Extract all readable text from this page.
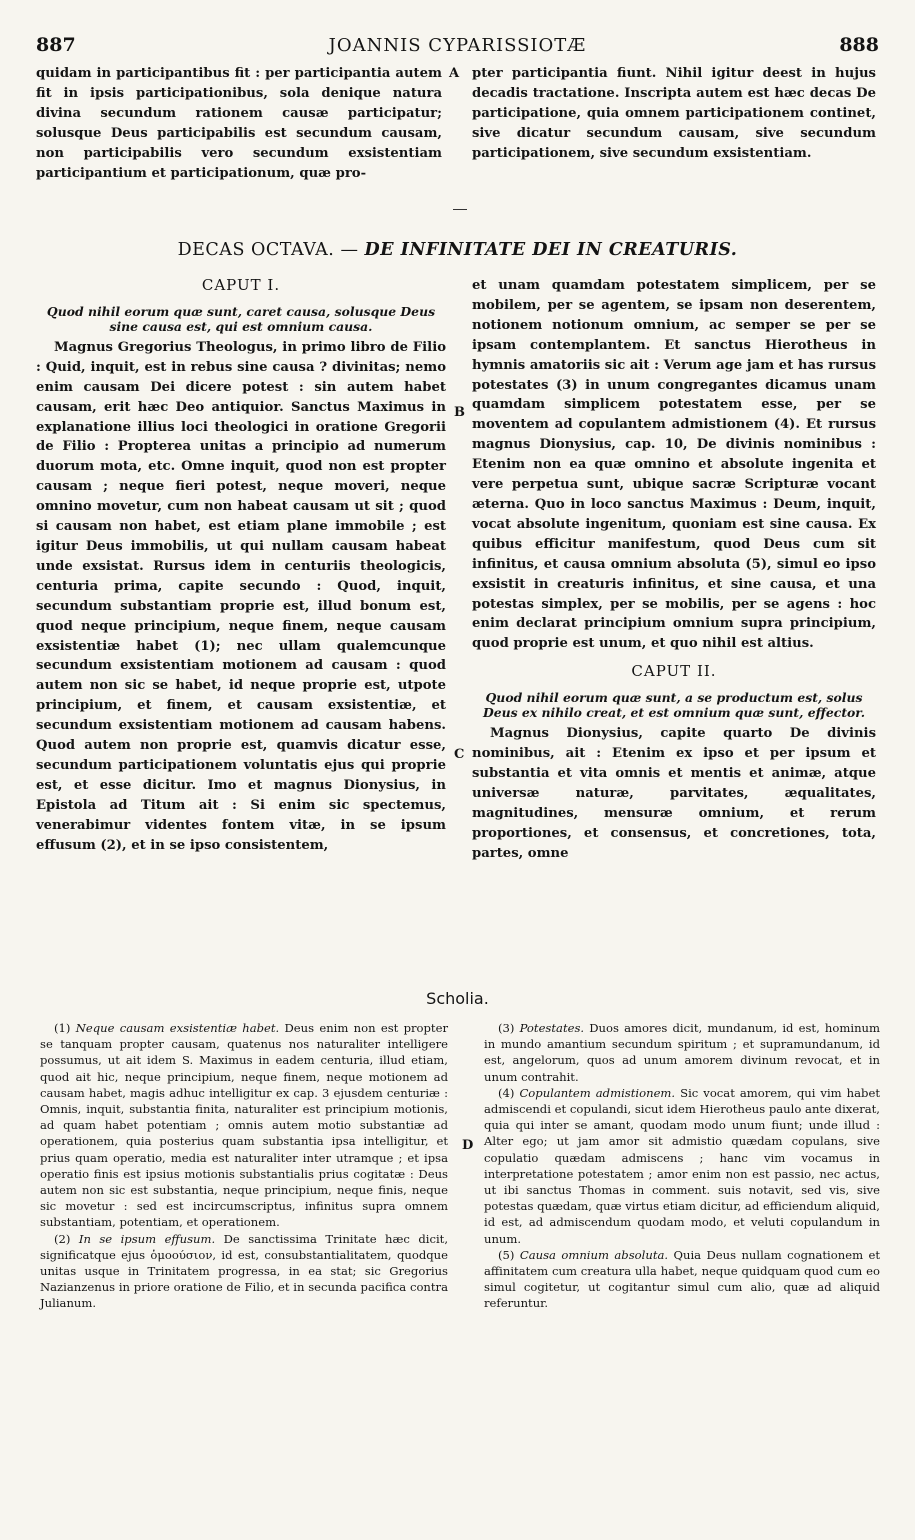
887	JOANNIS CYPARISSIOTÆ	888

quidam in participantibus fit : per participantia autem fit in ipsis participationibus, sola denique natura divina secundum rationem causæ participatur; solusque Deus participabilis est secundum causam, non participabilis vero secundum exsistentiam participantium et participationum, quæ pro-

pter participantia fiunt. Nihil igitur deest in hujus decadis tractatione. Inscripta autem est hæc decas De participatione, quia omnem participationem continet, sive dicatur secundum causam, sive secundum participationem, sive secundum exsistentiam.

A
DECAS OCTAVA. — DE INFINITATE DEI IN CREATURIS.
CAPUT I.
Quod nihil eorum quæ sunt, caret causa, solusque Deus sine causa est, qui est omnium causa.

Magnus Gregorius Theologus, in primo libro de Filio : Quid, inquit, est in rebus sine causa ? divinitas; nemo enim causam Dei dicere potest : sin autem habet causam, erit hæc Deo antiquior. Sanctus Maximus in explanatione illius loci theologici in oratione Gregorii de Filio : Propterea unitas a principio ad numerum duorum mota, etc. Omne inquit, quod non est propter causam ; neque fieri potest, neque moveri, neque omnino movetur, cum non habeat causam ut sit ; quod si causam non habet, est etiam plane immobile ; est igitur Deus immobilis, ut qui nullam causam habeat unde exsistat. Rursus idem in centuriis theologicis, centuria prima, capite secundo : Quod, inquit, secundum substantiam proprie est, illud bonum est, quod neque principium, neque finem, neque causam exsistentiæ habet (1); nec ullam qualemcunque secundum exsistentiam motionem ad causam : quod autem non sic se habet, id neque proprie est, utpote principium, et finem, et causam exsistentiæ, et secundum exsistentiam motionem ad causam habens. Quod autem non proprie est, quamvis dicatur esse, secundum participationem voluntatis ejus qui proprie est, et esse dicitur. Imo et magnus Dionysius, in Epistola ad Titum ait : Si enim sic spectemus, venerabimur videntes fontem vitæ, in se ipsum effusum (2), et in se ipso consistentem,

B
C

et unam quamdam potestatem simplicem, per se mobilem, per se agentem, se ipsam non deserentem, notionem notionum omnium, ac semper se per se ipsam contemplantem. Et sanctus Hierotheus in hymnis amatoriis sic ait : Verum age jam et has rursus potestates (3) in unum congregantes dicamus unam quamdam simplicem potestatem esse, per se moventem ad copulantem admistionem (4). Et rursus magnus Dionysius, cap. 10, De divinis nominibus : Etenim non ea quæ omnino et absolute ingenita et vere perpetua sunt, ubique sacræ Scripturæ vocant æterna. Quo in loco sanctus Maximus : Deum, inquit, vocat absolute ingenitum, quoniam est sine causa. Ex quibus efficitur manifestum, quod Deus cum sit infinitus, et causa omnium absoluta (5), simul eo ipso exsistit in creaturis infinitus, et sine causa, et una potestas simplex, per se mobilis, per se agens : hoc enim declarat principium omnium supra principium, quod proprie est unum, et quo nihil est altius.

CAPUT II.
Quod nihil eorum quæ sunt, a se productum est, solus Deus ex nihilo creat, et est omnium quæ sunt, effector.

Magnus Dionysius, capite quarto De divinis nominibus, ait : Etenim ex ipso et per ipsum et substantia et vita omnis et mentis et animæ, atque universæ naturæ, parvitates, æqualitates, magnitudines, mensuræ omnium, et rerum proportiones, et consensus, et concretiones, tota, partes, omne

Scholia.

(1) Neque causam exsistentiæ habet. Deus enim non est propter se tanquam propter causam, quatenus nos naturaliter intelligere possumus, ut ait idem S. Maximus in eadem centuria, illud etiam, quod ait hic, neque principium, neque finem, neque motionem ad causam habet, magis adhuc intelligitur ex cap. 3 ejusdem centuriæ : Omnis, inquit, substantia finita, naturaliter est principium motionis, ad quam habet potentiam ; omnis autem motio substantiæ ad operationem, quia posterius quam substantia ipsa intelligitur, et prius quam operatio, media est naturaliter inter utramque ; et ipsa operatio finis est ipsius motionis substantialis prius cogitatæ : Deus autem non sic est substantia, neque principium, neque finis, neque sic movetur : sed est incircumscriptus, infinitus supra omnem substantiam, potentiam, et operationem.

(2) In se ipsum effusum. De sanctissima Trinitate hæc dicit, significatque ejus ὁμοούσιον, id est, consubstantialitatem, quodque unitas usque in Trinitatem progressa, in ea stat; sic Gregorius Nazianzenus in priore oratione de Filio, et in secunda pacifica contra Julianum.

D

(3) Potestates. Duos amores dicit, mundanum, id est, hominum in mundo amantium secundum spiritum ; et supramundanum, id est, angelorum, quos ad unum amorem divinum revocat, et in unum contrahit.

(4) Copulantem admistionem. Sic vocat amorem, qui vim habet admiscendi et copulandi, sicut idem Hierotheus paulo ante dixerat, quia qui inter se amant, quodam modo unum fiunt; unde illud : Alter ego; ut jam amor sit admistio quædam copulans, sive copulatio quædam admiscens ; hanc vim vocamus in interpretatione potestatem ; amor enim non est passio, nec actus, ut ibi sanctus Thomas in comment. suis notavit, sed vis, sive potestas quædam, quæ virtus etiam dicitur, ad efficiendum aliquid, id est, ad admiscendum quodam modo, et veluti copulandum in unum.

(5) Causa omnium absoluta. Quia Deus nullam cognationem et affinitatem cum creatura ulla habet, neque quidquam quod cum eo simul cogitetur, ut cogitantur simul cum alio, quæ ad aliquid referuntur.
